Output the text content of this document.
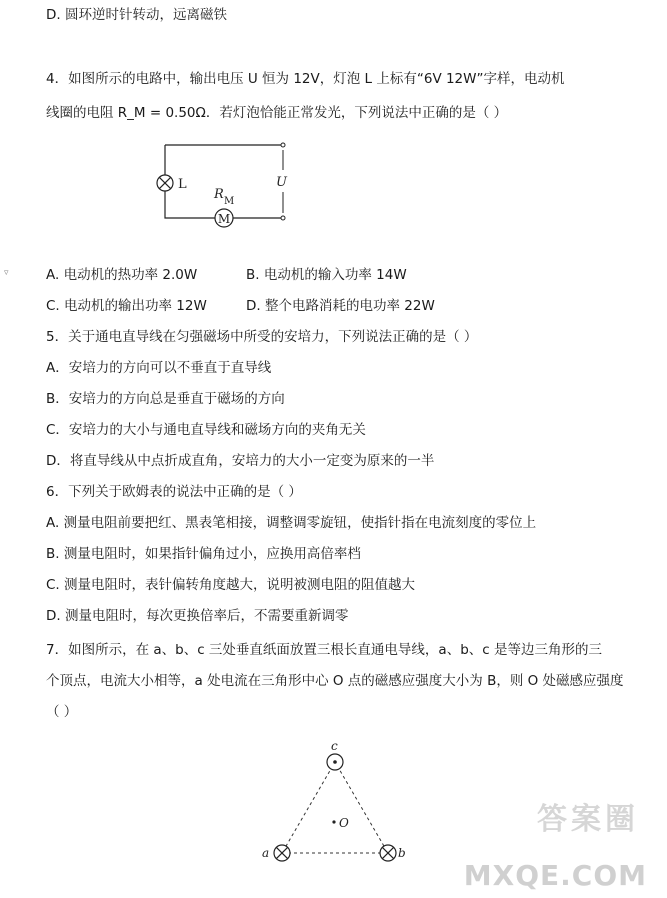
D. 圆环逆时针转动，远离磁铁
4．如图所示的电路中，输出电压 U 恒为 12V，灯泡 L 上标有“6V 12W”字样，电动机
线圈的电阻 R_M = 0.50Ω．若灯泡恰能正常发光，下列说法中正确的是（ ）
L
M
R M
U
▿	A. 电动机的热功率 2.0W	B. 电动机的输入功率 14W
C. 电动机的输出功率 12W	D. 整个电路消耗的电功率 22W
5．关于通电直导线在匀强磁场中所受的安培力，下列说法正确的是（ ）
A．安培力的方向可以不垂直于直导线
B．安培力的方向总是垂直于磁场的方向
C．安培力的大小与通电直导线和磁场方向的夹角无关
D．将直导线从中点折成直角，安培力的大小一定变为原来的一半
6．下列关于欧姆表的说法中正确的是（ ）
A. 测量电阻前要把红、黑表笔相接，调整调零旋钮，使指针指在电流刻度的零位上
B. 测量电阻时，如果指针偏角过小，应换用高倍率档
C. 测量电阻时，表针偏转角度越大，说明被测电阻的阻值越大
D. 测量电阻时，每次更换倍率后，不需要重新调零
7．如图所示，在 a、b、c 三处垂直纸面放置三根长直通电导线，a、b、c 是等边三角形的三
个顶点，电流大小相等，a 处电流在三角形中心 O 点的磁感应强度大小为 B，则 O 处磁感应强度
（ ）
O
c
a	b
答案圈
MXQE.COM
